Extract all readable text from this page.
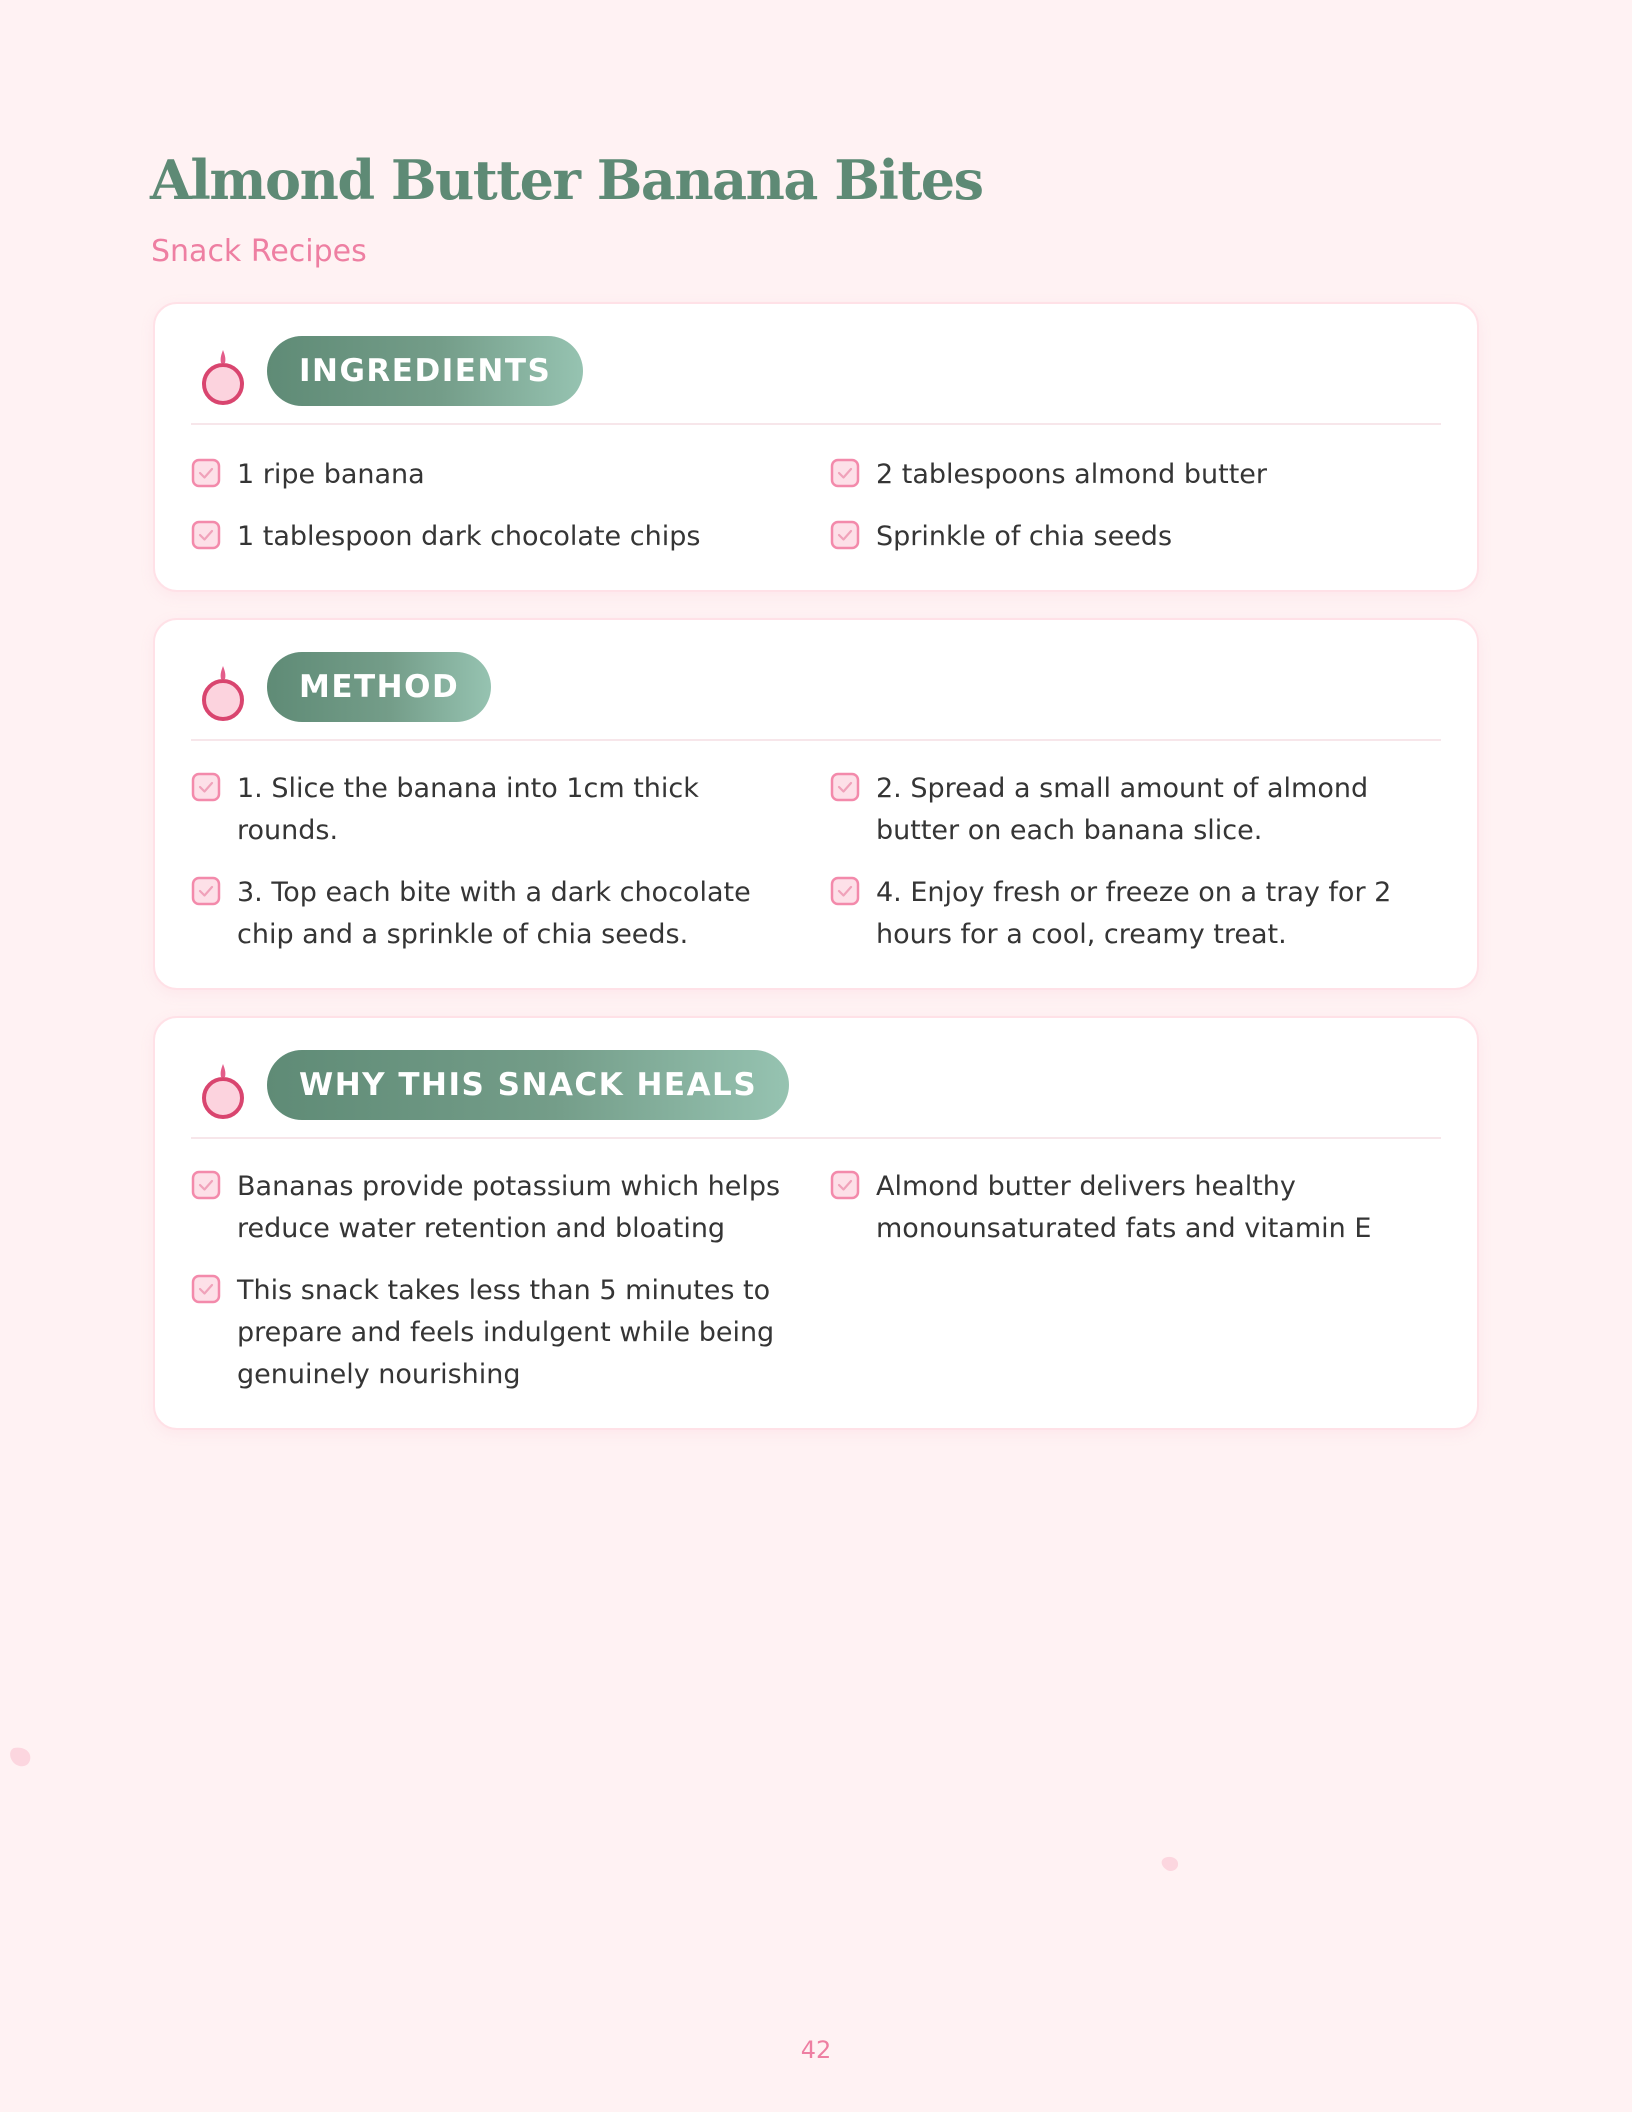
Almond Butter Banana Bites
Snack Recipes
INGREDIENTS
1 ripe banana	2 tablespoons almond butter
1 tablespoon dark chocolate chips	Sprinkle of chia seeds
METHOD
1. Slice the banana into 1cm thick rounds.
2. Spread a small amount of almond butter on each banana slice.
3. Top each bite with a dark chocolate chip and a sprinkle of chia seeds.
4. Enjoy fresh or freeze on a tray for 2 hours for a cool, creamy treat.
WHY THIS SNACK HEALS
Bananas provide potassium which helps reduce water retention and bloating
Almond butter delivers healthy monounsaturated fats and vitamin E
This snack takes less than 5 minutes to prepare and feels indulgent while being genuinely nourishing
42
